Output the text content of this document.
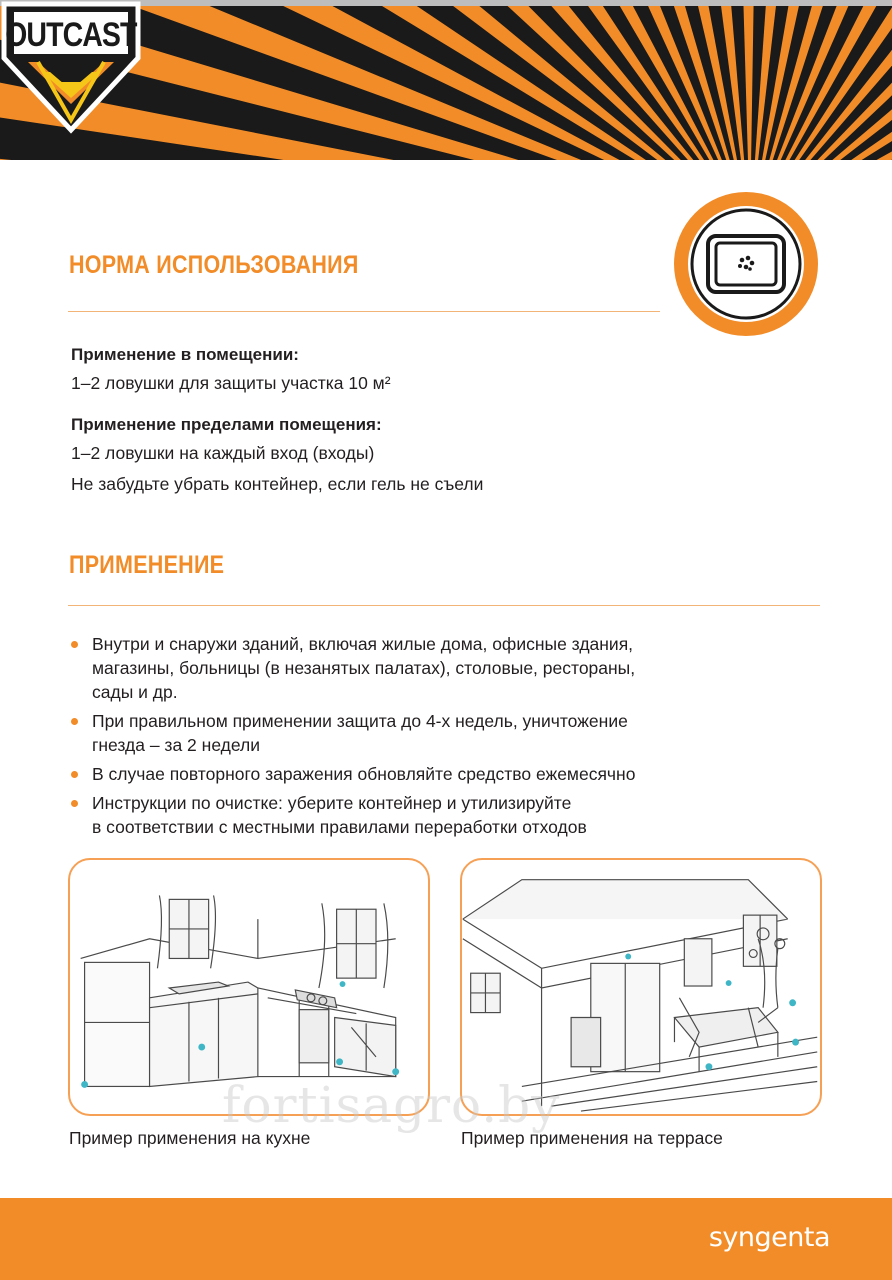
OUTCAST
НОРМА ИСПОЛЬЗОВАНИЯ
Применение в помещении:
1–2 ловушки для защиты участка 10 м²
Применение пределами помещения:
1–2 ловушки на каждый вход (входы)
Не забудьте убрать контейнер, если гель не съели
ПРИМЕНЕНИЕ
Внутри и снаружи зданий, включая жилые дома, офисные здания,
магазины, больницы (в незанятых палатах), столовые, рестораны,
сады и др.
При правильном применении защита до 4-х недель, уничтожение
гнезда – за 2 недели
В случае повторного заражения обновляйте средство ежемесячно
Инструкции по очистке: уберите контейнер и утилизируйте
в соответствии с местными правилами переработки отходов
Пример применения на кухне	Пример применения на террасе
fortisagro.by
syngenta
